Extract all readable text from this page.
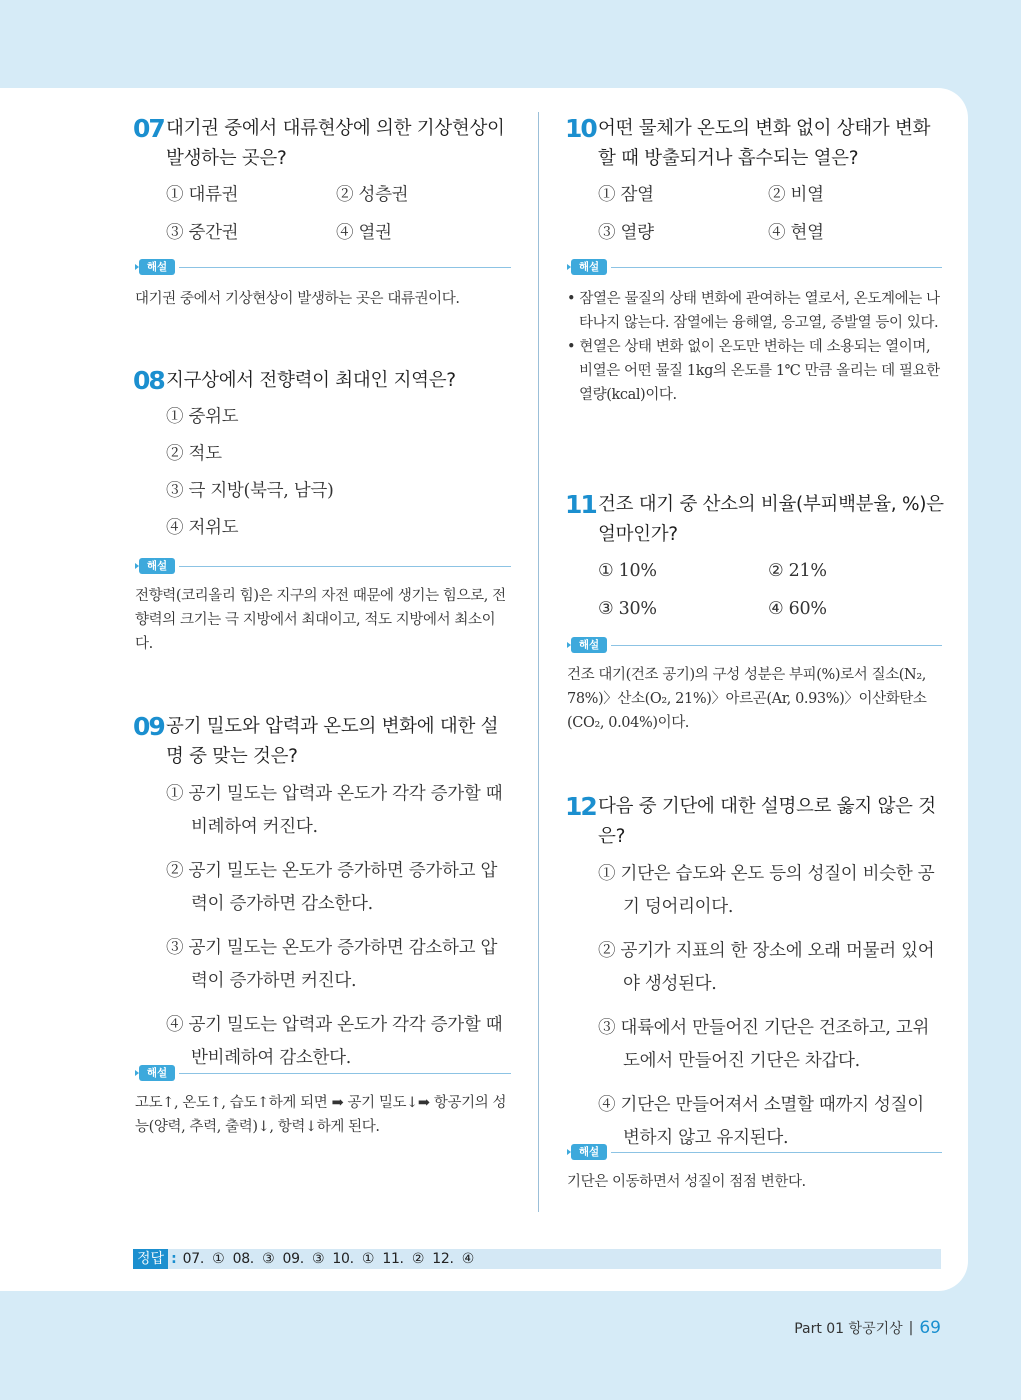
07 대기권 중에서 대류현상에 의한 기상현상이 발생하는 곳은?
① 대류권	② 성층권
③ 중간권	④ 열권
해설
대기권 중에서 기상현상이 발생하는 곳은 대류권이다.
08 지구상에서 전향력이 최대인 지역은?
① 중위도
② 적도
③ 극 지방(북극, 남극)
④ 저위도
해설
전향력(코리올리 힘)은 지구의 자전 때문에 생기는 힘으로, 전향력의 크기는 극 지방에서 최대이고, 적도 지방에서 최소이다.
09 공기 밀도와 압력과 온도의 변화에 대한 설명 중 맞는 것은?
① 공기 밀도는 압력과 온도가 각각 증가할 때 비례하여 커진다.
② 공기 밀도는 온도가 증가하면 증가하고 압력이 증가하면 감소한다.
③ 공기 밀도는 온도가 증가하면 감소하고 압력이 증가하면 커진다.
④ 공기 밀도는 압력과 온도가 각각 증가할 때 반비례하여 감소한다.
해설
고도↑, 온도↑, 습도↑하게 되면 ➡ 공기 밀도↓➡ 항공기의 성능(양력, 추력, 출력)↓, 항력↓하게 된다.
10 어떤 물체가 온도의 변화 없이 상태가 변화할 때 방출되거나 흡수되는 열은?
① 잠열	② 비열
③ 열량	④ 현열
해설
• 잠열은 물질의 상태 변화에 관여하는 열로서, 온도계에는 나타나지 않는다. 잠열에는 융해열, 응고열, 증발열 등이 있다.
• 현열은 상태 변화 없이 온도만 변하는 데 소용되는 열이며, 비열은 어떤 물질 1kg의 온도를 1℃ 만큼 올리는 데 필요한 열량(kcal)이다.
11 건조 대기 중 산소의 비율(부피백분율, %)은 얼마인가?
① 10%	② 21%
③ 30%	④ 60%
해설
건조 대기(건조 공기)의 구성 성분은 부피(%)로서 질소(N₂, 78%)〉산소(O₂, 21%)〉아르곤(Ar, 0.93%)〉이산화탄소(CO₂, 0.04%)이다.
12 다음 중 기단에 대한 설명으로 옳지 않은 것은?
① 기단은 습도와 온도 등의 성질이 비슷한 공기 덩어리이다.
② 공기가 지표의 한 장소에 오래 머물러 있어야 생성된다.
③ 대륙에서 만들어진 기단은 건조하고, 고위도에서 만들어진 기단은 차갑다.
④ 기단은 만들어져서 소멸할 때까지 성질이 변하지 않고 유지된다.
해설
기단은 이동하면서 성질이 점점 변한다.
정답 : 07. ① 08. ③ 09. ③ 10. ① 11. ② 12. ④
Part 01 항공기상 | 69
